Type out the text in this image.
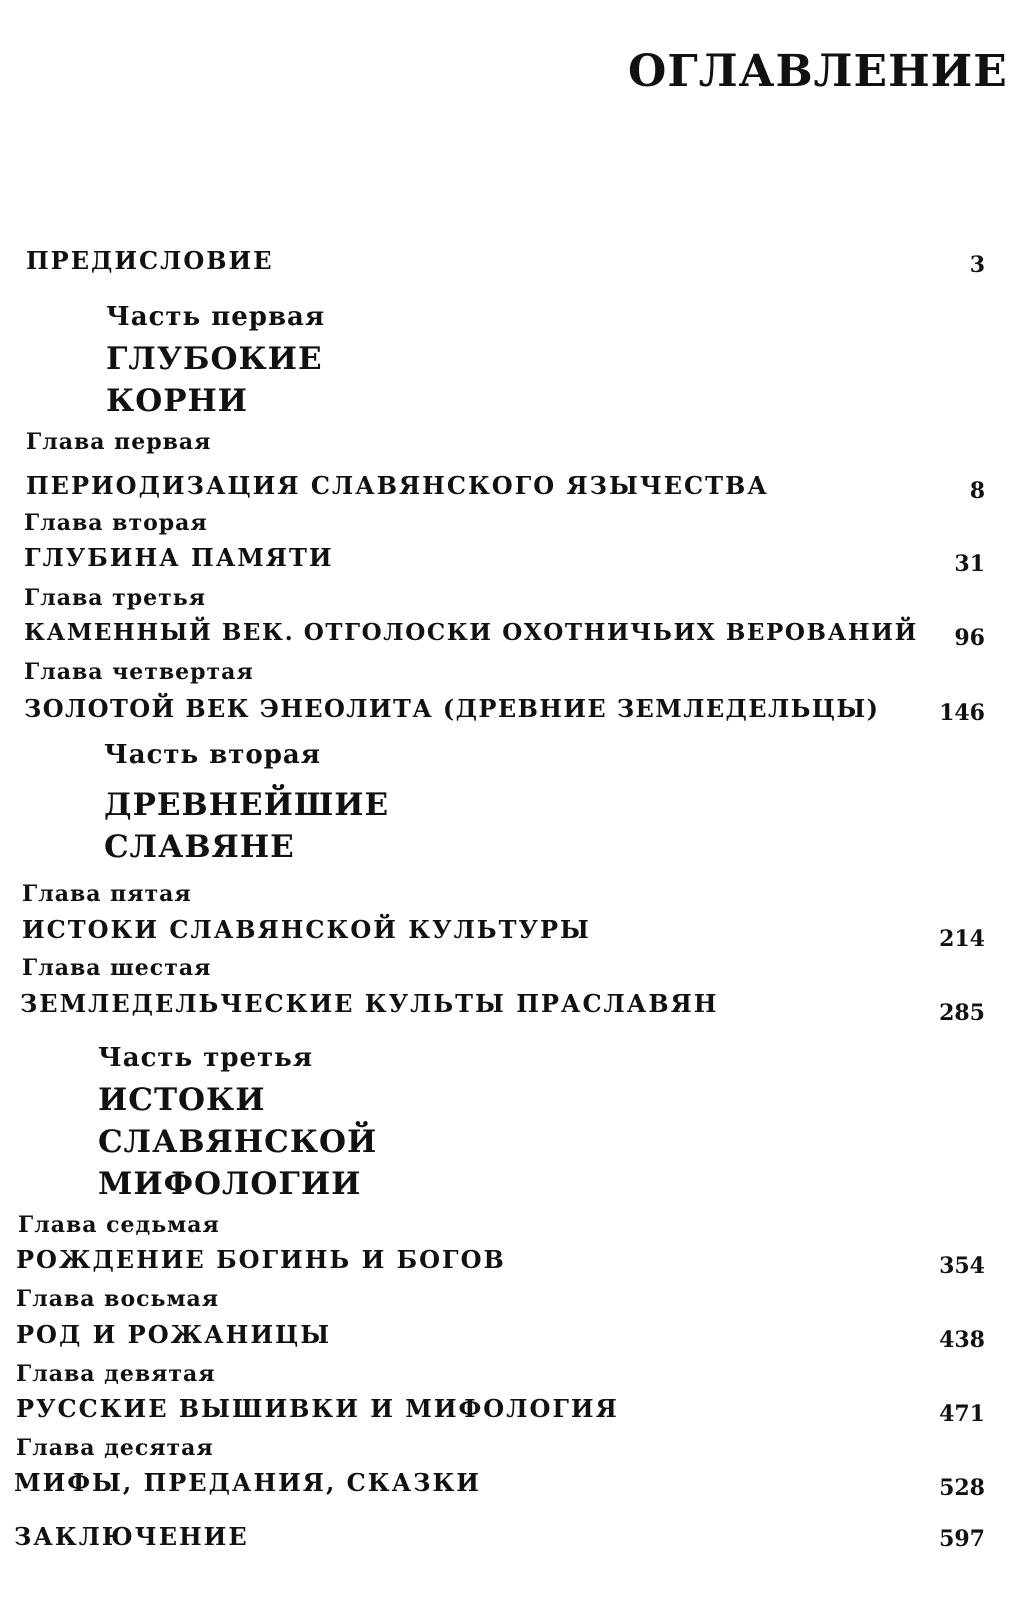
ОГЛАВЛЕНИЕ
ПРЕДИСЛОВИЕ	3
Часть первая
ГЛУБОКИЕ
КОРНИ
Глава первая
ПЕРИОДИЗАЦИЯ СЛАВЯНСКОГО ЯЗЫЧЕСТВА	8
Глава вторая
ГЛУБИНА ПАМЯТИ	31
Глава третья
КАМЕННЫЙ ВЕК. ОТГОЛОСКИ ОХОТНИЧЬИХ ВЕРОВАНИЙ 96
Глава четвертая
ЗОЛОТОЙ ВЕК ЭНЕОЛИТА (ДРЕВНИЕ ЗЕМЛЕДЕЛЬЦЫ)	146
Часть вторая
ДРЕВНЕЙШИЕ
СЛАВЯНЕ
Глава пятая
ИСТОКИ СЛАВЯНСКОЙ КУЛЬТУРЫ	214
Глава шестая
ЗЕМЛЕДЕЛЬЧЕСКИЕ КУЛЬТЫ ПРАСЛАВЯН	285
Часть третья
ИСТОКИ
СЛАВЯНСКОЙ
МИФОЛОГИИ
Глава седьмая
РОЖДЕНИЕ БОГИНЬ И БОГОВ	354
Глава восьмая
РОД И РОЖАНИЦЫ	438
Глава девятая
РУССКИЕ ВЫШИВКИ И МИФОЛОГИЯ	471
Глава десятая
МИФЫ, ПРЕДАНИЯ, СКАЗКИ	528
ЗАКЛЮЧЕНИЕ	597
